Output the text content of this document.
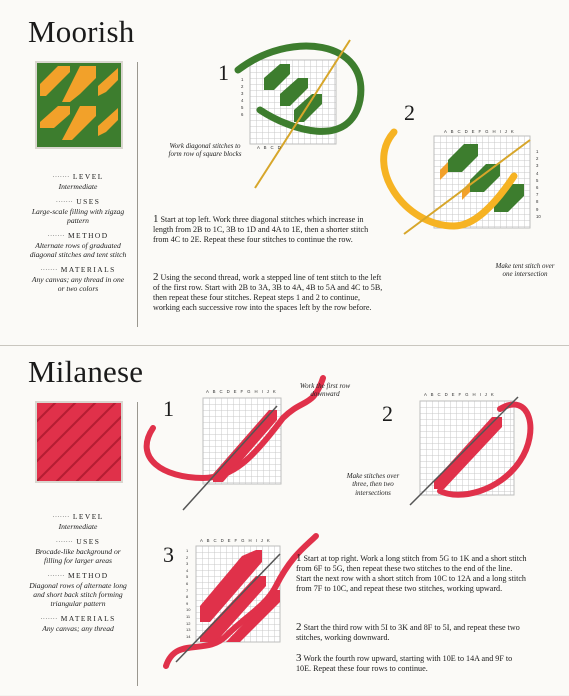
Moorish
······· LEVEL
Intermediate
······· USES
Large-scale filling with zigzag pattern
······· METHOD
Alternate rows of graduated diagonal stitches and tent stitch
······· MATERIALS
Any canvas; any thread in one or two colors
1
A B C D
1
2
3
4
5
6
Work diagonal stitches to form row of square blocks
2
A B C D E F G H I J K
1
2
3
4
5
6
7
8
9
10
Make tent stitch over one intersection
1 Start at top left. Work three diagonal stitches which increase in length from 2B to 1C, 3B to 1D and 4A to 1E, then a shorter stitch from 4C to 2E. Repeat these four stitches to continue the row.
2 Using the second thread, work a stepped line of tent stitch to the left of the first row. Start with 2B to 3A, 3B to 4A, 4B to 5A and 4C to 5B, then repeat these four stitches. Repeat steps 1 and 2 to continue, working each successive row into the spaces left by the row before.
Milanese
······· LEVEL
Intermediate
······· USES
Brocade-like background or filling for larger areas
······· METHOD
Diagonal rows of alternate long and short back stitch forming triangular pattern
······· MATERIALS
Any canvas; any thread
1
A B C D E F G H I J K
Work the first row downward
2
A B C D E F G H I J K
Make stitches over three, then two intersections
3
A B C D E F G H I J K
1
2
3
4
5
6
7
8
9
10
11
12
13
14
1 Start at top right. Work a long stitch from 5G to 1K and a short stitch from 6F to 5G, then repeat these two stitches to the end of the line. Start the next row with a short stitch from 10C to 12A and a long stitch from 7F to 10C, and repeat these two stitches, working upward.
2 Start the third row with 5I to 3K and 8F to 5I, and repeat these two stitches, working downward.
3 Work the fourth row upward, starting with 10E to 14A and 9F to 10E. Repeat these four rows to continue.
